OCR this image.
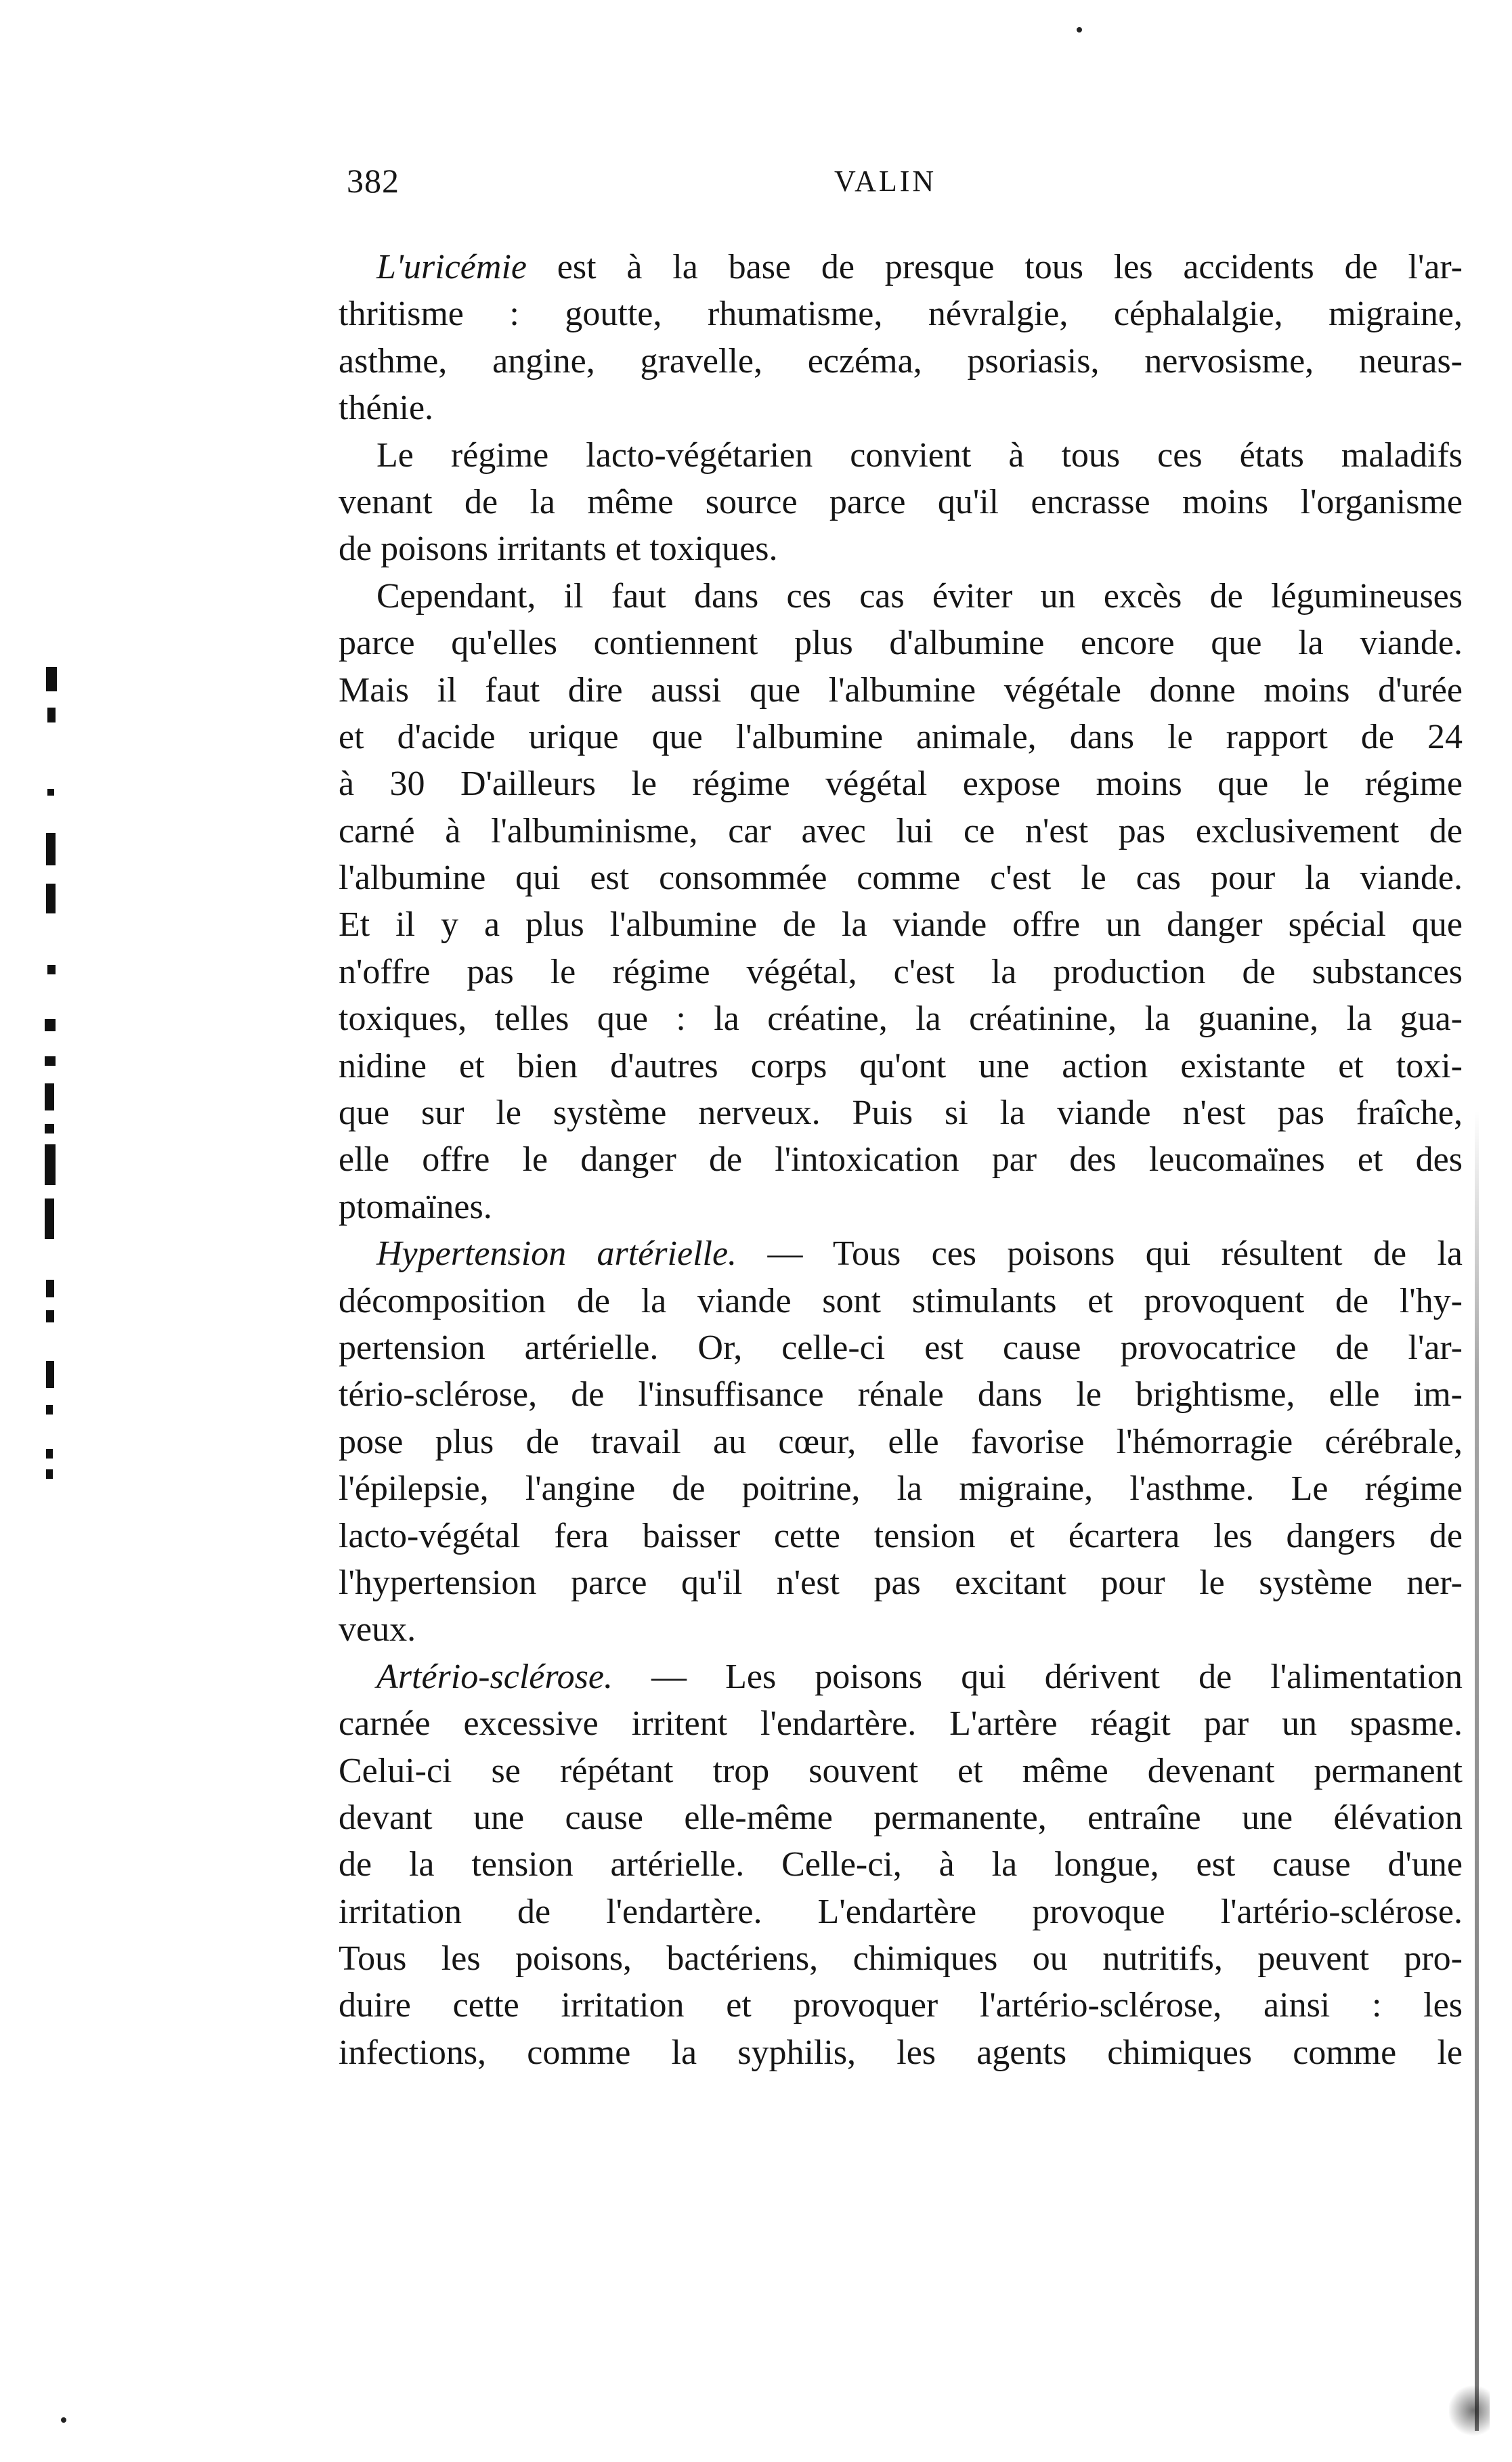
382	VALIN
L'uricémie est à la base de presque tous les accidents de l'ar-
thritisme : goutte, rhumatisme, névralgie, céphalalgie, migraine,
asthme, angine, gravelle, eczéma, psoriasis, nervosisme, neuras-
thénie.
Le régime lacto-végétarien convient à tous ces états maladifs
venant de la même source parce qu'il encrasse moins l'organisme
de poisons irritants et toxiques.
Cependant, il faut dans ces cas éviter un excès de légumineuses
parce qu'elles contiennent plus d'albumine encore que la viande.
Mais il faut dire aussi que l'albumine végétale donne moins d'urée
et d'acide urique que l'albumine animale, dans le rapport de 24
à 30 D'ailleurs le régime végétal expose moins que le régime
carné à l'albuminisme, car avec lui ce n'est pas exclusivement de
l'albumine qui est consommée comme c'est le cas pour la viande.
Et il y a plus l'albumine de la viande offre un danger spécial que
n'offre pas le régime végétal, c'est la production de substances
toxiques, telles que : la créatine, la créatinine, la guanine, la gua-
nidine et bien d'autres corps qu'ont une action existante et toxi-
que sur le système nerveux. Puis si la viande n'est pas fraîche,
elle offre le danger de l'intoxication par des leucomaïnes et des
ptomaïnes.
Hypertension artérielle. — Tous ces poisons qui résultent de la
décomposition de la viande sont stimulants et provoquent de l'hy-
pertension artérielle. Or, celle-ci est cause provocatrice de l'ar-
tério-sclérose, de l'insuffisance rénale dans le brightisme, elle im-
pose plus de travail au cœur, elle favorise l'hémorragie cérébrale,
l'épilepsie, l'angine de poitrine, la migraine, l'asthme. Le régime
lacto-végétal fera baisser cette tension et écartera les dangers de
l'hypertension parce qu'il n'est pas excitant pour le système ner-
veux.
Artério-sclérose. — Les poisons qui dérivent de l'alimentation
carnée excessive irritent l'endartère. L'artère réagit par un spasme.
Celui-ci se répétant trop souvent et même devenant permanent
devant une cause elle-même permanente, entraîne une élévation
de la tension artérielle. Celle-ci, à la longue, est cause d'une
irritation de l'endartère. L'endartère provoque l'artério-sclérose.
Tous les poisons, bactériens, chimiques ou nutritifs, peuvent pro-
duire cette irritation et provoquer l'artério-sclérose, ainsi : les
infections, comme la syphilis, les agents chimiques comme le
